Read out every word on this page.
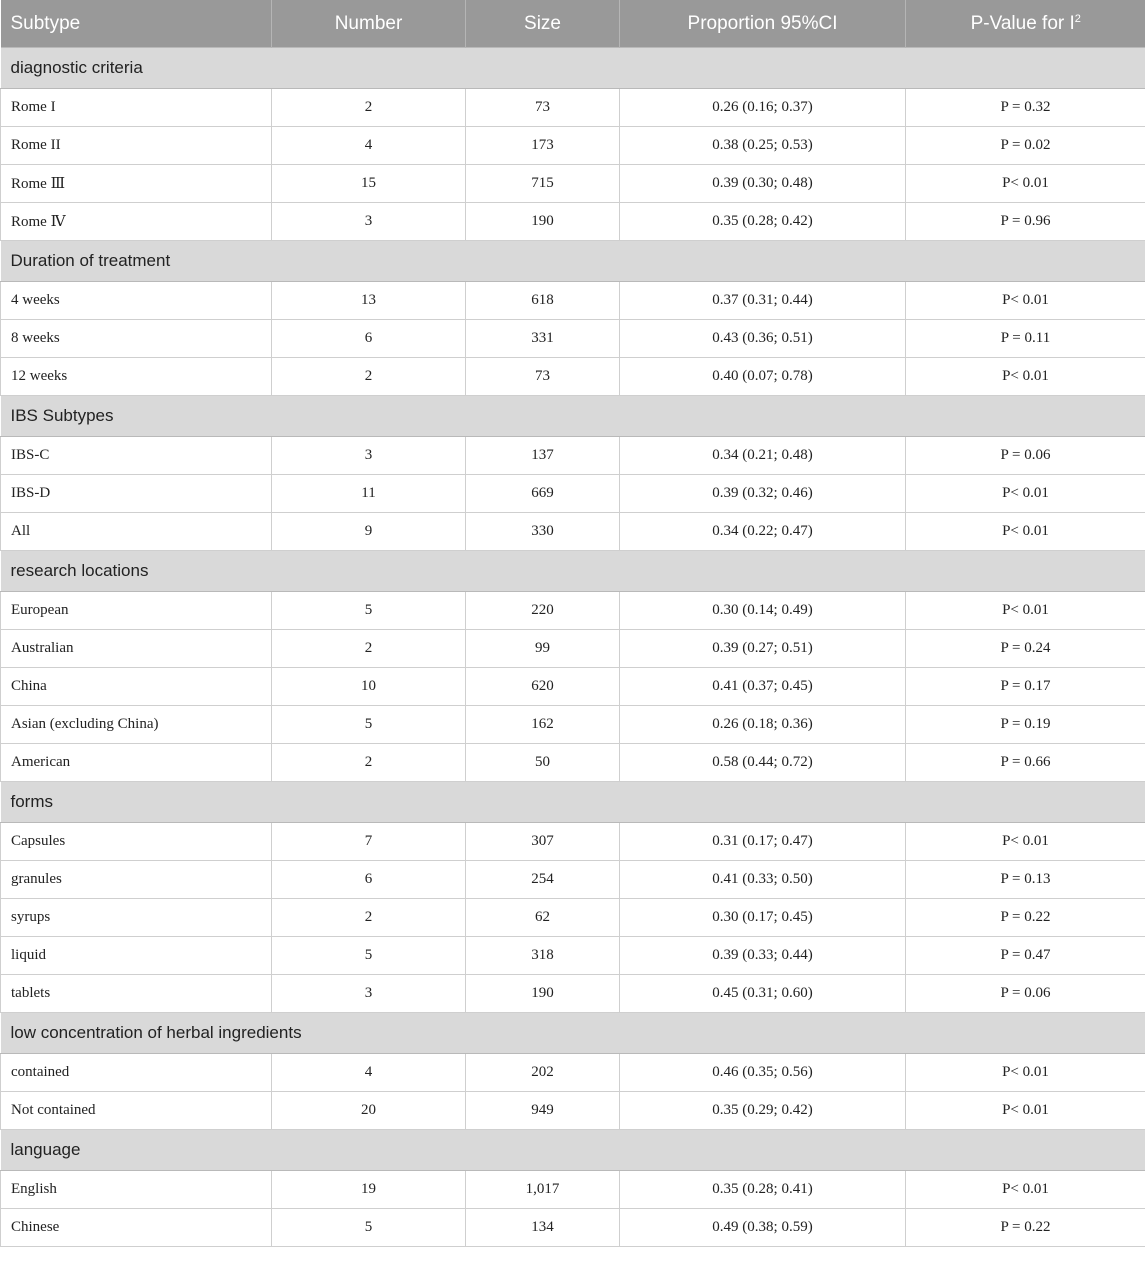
Subtype	Number	Size	Proportion 95%CI	P-Value for $I^2$
diagnostic criteria				
Rome I	2	73	0.26 (0.16; 0.37)	P = 0.32
Rome II	4	173	0.38 (0.25; 0.53)	P = 0.02
Rome Ⅲ	15	715	0.39 (0.30; 0.48)	P< 0.01
Rome Ⅳ	3	190	0.35 (0.28; 0.42)	P = 0.96
Duration of treatment				
4 weeks	13	618	0.37 (0.31; 0.44)	P< 0.01
8 weeks	6	331	0.43 (0.36; 0.51)	P = 0.11
12 weeks	2	73	0.40 (0.07; 0.78)	P< 0.01
IBS Subtypes				
IBS-C	3	137	0.34 (0.21; 0.48)	P = 0.06
IBS-D	11	669	0.39 (0.32; 0.46)	P< 0.01
All	9	330	0.34 (0.22; 0.47)	P< 0.01
research locations				
European	5	220	0.30 (0.14; 0.49)	P< 0.01
Australian	2	99	0.39 (0.27; 0.51)	P = 0.24
China	10	620	0.41 (0.37; 0.45)	P = 0.17
Asian (excluding China)	5	162	0.26 (0.18; 0.36)	P = 0.19
American	2	50	0.58 (0.44; 0.72)	P = 0.66
forms				
Capsules	7	307	0.31 (0.17; 0.47)	P< 0.01
granules	6	254	0.41 (0.33; 0.50)	P = 0.13
syrups	2	62	0.30 (0.17; 0.45)	P = 0.22
liquid	5	318	0.39 (0.33; 0.44)	P = 0.47
tablets	3	190	0.45 (0.31; 0.60)	P = 0.06
low concentration of herbal ingredients				
contained	4	202	0.46 (0.35; 0.56)	P< 0.01
Not contained	20	949	0.35 (0.29; 0.42)	P< 0.01
language				
English	19	1,017	0.35 (0.28; 0.41)	P< 0.01
Chinese	5	134	0.49 (0.38; 0.59)	P = 0.22
